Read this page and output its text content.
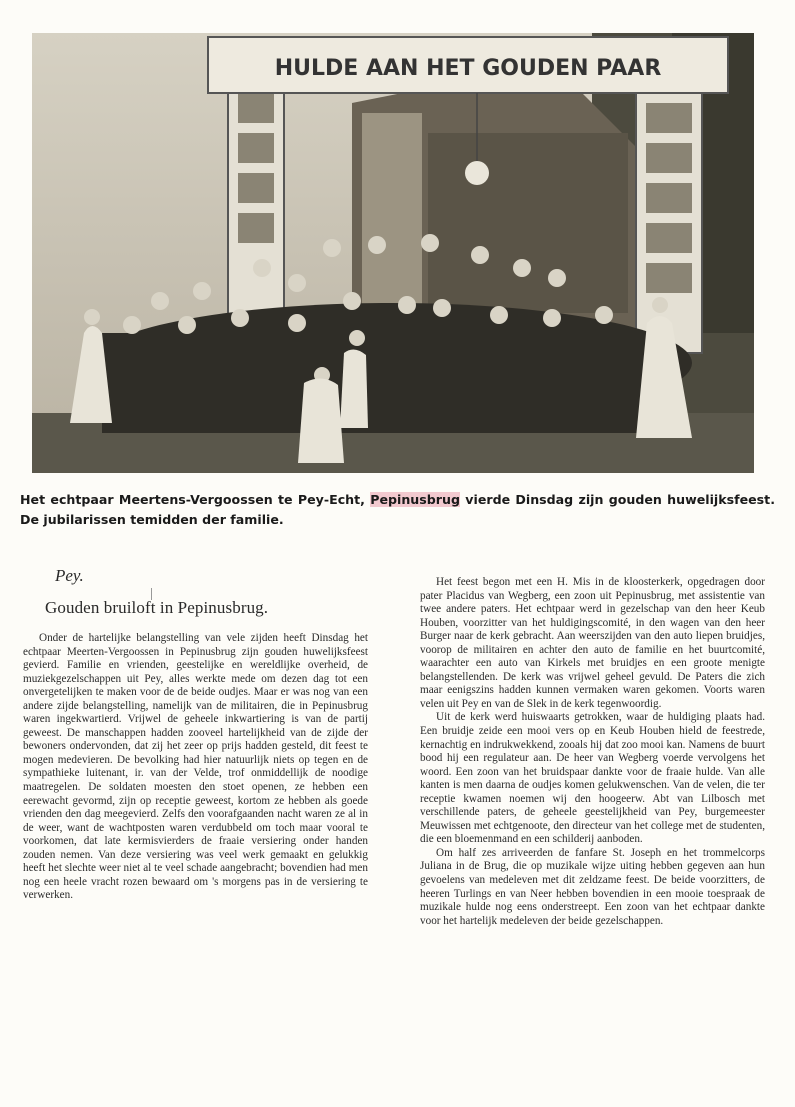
HULDE AAN HET GOUDEN PAAR
Het echtpaar Meertens-Vergoossen te Pey-Echt, Pepinusbrug vierde Dinsdag zijn gouden huwelijksfeest. De jubilarissen temidden der familie.
Pey.
Gouden bruiloft in Pepinusbrug.

Onder de hartelijke belangstelling van vele zijden heeft Dinsdag het echtpaar Meerten-Vergoossen in Pepinusbrug zijn gouden huwelijksfeest gevierd. Familie en vrienden, geestelijke en wereldlijke overheid, de muziekgezelschappen uit Pey, alles werkte mede om dezen dag tot een onvergetelijken te maken voor de de beide oudjes. Maar er was nog van een andere zijde belangstelling, namelijk van de militairen, die in Pepinusbrug waren ingekwartierd. Vrijwel de geheele inkwartiering is van de partij geweest. De manschappen hadden zooveel hartelijkheid van de zijde der bewoners ondervonden, dat zij het zeer op prijs hadden gesteld, dit feest te mogen medevieren. De bevolking had hier natuurlijk niets op tegen en de sympathieke luitenant, ir. van der Velde, trof onmiddellijk de noodige maatregelen. De soldaten moesten den stoet openen, ze hebben een eerewacht gevormd, zijn op receptie geweest, kortom ze hebben als goede vrienden den dag meegevierd. Zelfs den voorafgaanden nacht waren ze al in de weer, want de wachtposten waren verdubbeld om toch maar vooral te voorkomen, dat late kermisvierders de fraaie versiering onder handen zouden nemen. Van deze versiering was veel werk gemaakt en gelukkig heeft het slechte weer niet al te veel schade aangebracht; bovendien had men nog een heele vracht rozen bewaard om 's morgens pas in de versiering te verwerken.

Het feest begon met een H. Mis in de kloosterkerk, opgedragen door pater Placidus van Wegberg, een zoon uit Pepinusbrug, met assistentie van twee andere paters. Het echtpaar werd in gezelschap van den heer Keub Houben, voorzitter van het huldigingscomité, in den wagen van den heer Burger naar de kerk gebracht. Aan weerszijden van den auto liepen bruidjes, voorop de militairen en achter den auto de familie en het buurtcomité, waarachter een auto van Kirkels met bruidjes en een groote menigte belangstellenden. De kerk was vrijwel geheel gevuld. De Paters die zich maar eenigszins hadden kunnen vermaken waren gekomen. Voorts waren velen uit Pey en van de Slek in de kerk tegenwoordig.

Uit de kerk werd huiswaarts getrokken, waar de huldiging plaats had. Een bruidje zeide een mooi vers op en Keub Houben hield de feestrede, kernachtig en indrukwekkend, zooals hij dat zoo mooi kan. Namens de buurt bood hij een regulateur aan. De heer van Wegberg voerde vervolgens het woord. Een zoon van het bruidspaar dankte voor de fraaie hulde. Van alle kanten is men daarna de oudjes komen gelukwenschen. Van de velen, die ter receptie kwamen noemen wij den hoogeerw. Abt van Lilbosch met verschillende paters, de geheele geestelijkheid van Pey, burgemeester Meuwissen met echtgenoote, den directeur van het college met de studenten, die een bloemenmand en een schilderij aanboden.

Om half zes arriveerden de fanfare St. Joseph en het trommelcorps Juliana in de Brug, die op muzikale wijze uiting hebben gegeven aan hun gevoelens van medeleven met dit zeldzame feest. De beide voorzitters, de heeren Turlings en van Neer hebben bovendien in een mooie toespraak de muzikale hulde nog eens onderstreept. Een zoon van het echtpaar dankte voor het hartelijk medeleven der beide gezelschappen.
